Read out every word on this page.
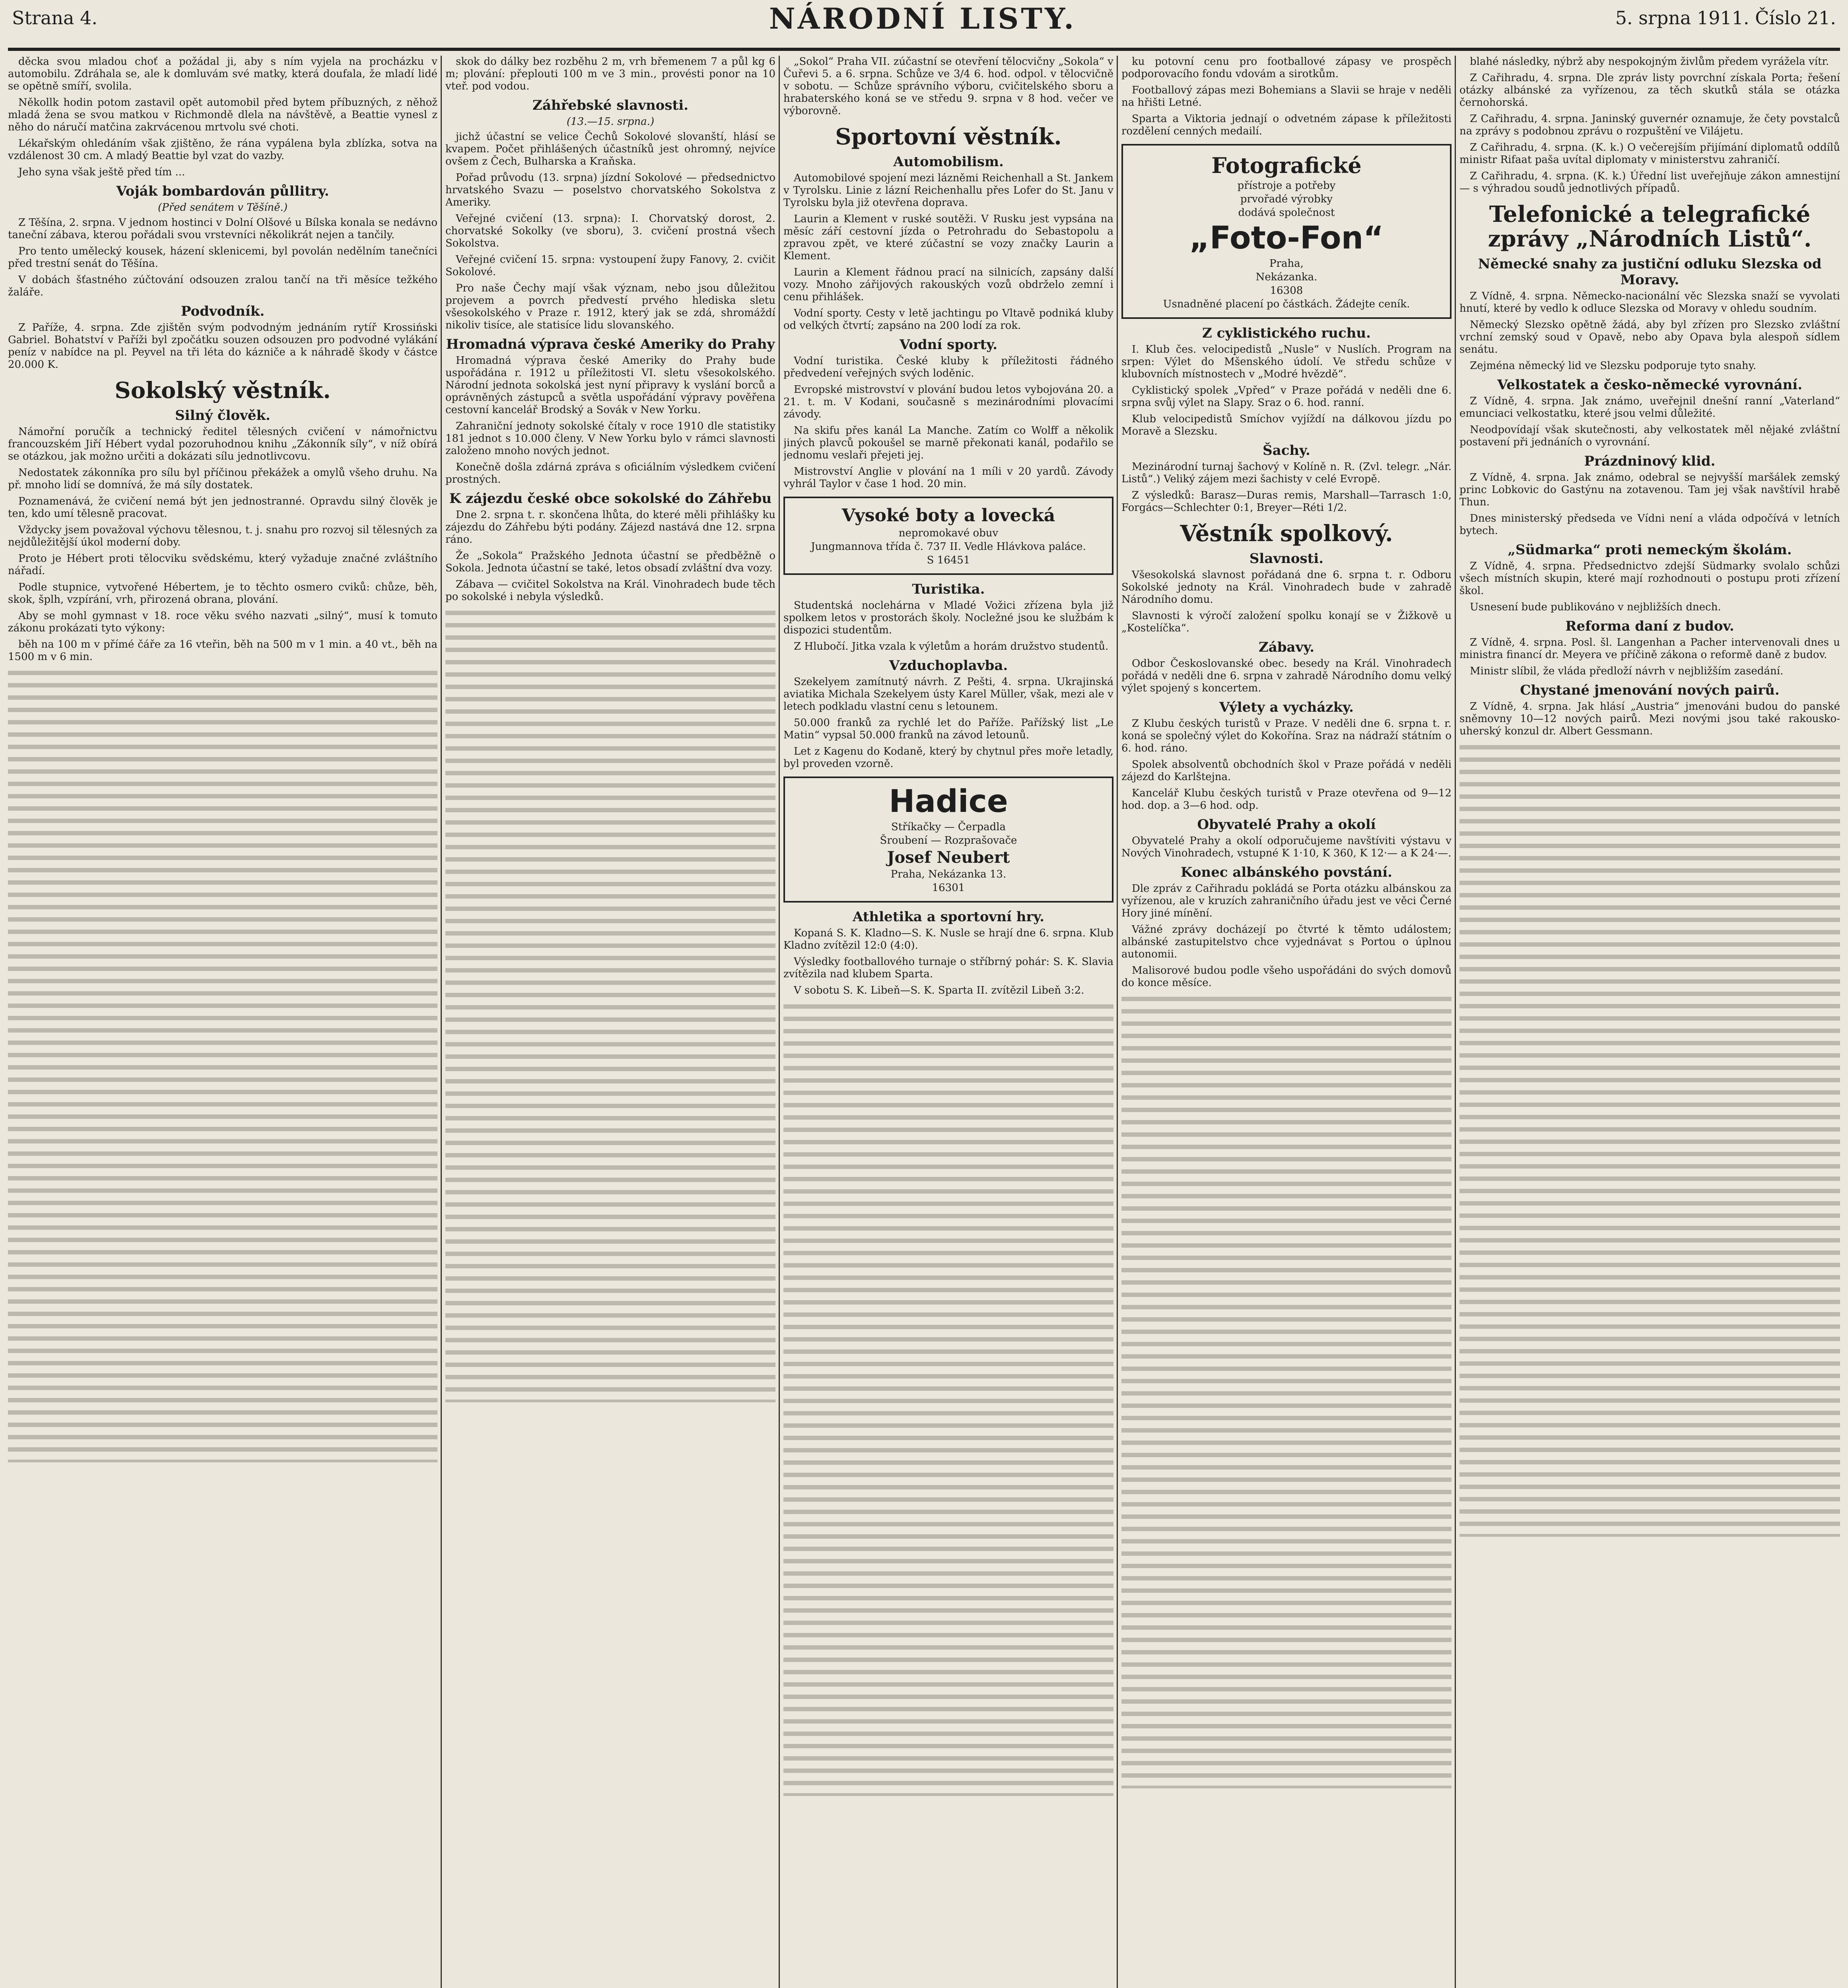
Strana 4.	NÁRODNÍ LISTY.	5. srpna 1911. Číslo 21.

děcka svou mladou choť a požádal ji, aby s ním vyjela na procházku v automobilu. Zdráhala se, ale k domluvám své matky, která doufala, že mladí lidé se opětně smíří, svolila.

Někollk hodin potom zastavil opět automobil před bytem příbuzných, z něhož mladá žena se svou matkou v Richmondě dlela na návštěvě, a Beattie vynesl z něho do náručí matčina zakrvácenou mrtvolu své choti.

Lékařským ohledáním však zjištěno, že rána vypálena byla zblízka, sotva na vzdálenost 30 cm. A mladý Beattie byl vzat do vazby.

Jeho syna však ještě před tím ...

Voják bombardován půllitry.
(Před senátem v Těšíně.)

Z Těšína, 2. srpna. V jednom hostinci v Dolní Olšové u Bílska konala se nedávno taneční zábava, kterou pořádali svou vrstevníci několikrát nejen a tančily.

Pro tento umělecký kousek, házení sklenicemi, byl povolán nedělním tanečníci před trestní senát do Těšína.

V dobách šťastného zúčtování odsouzen zralou tančí na tři měsíce težkého žaláře.

Podvodník.

Z Paříže, 4. srpna. Zde zjištěn svým podvodným jednáním rytíř Krossiński Gabriel. Bohatství v Paříži byl zpočátku souzen odsouzen pro podvodné vylákání peníz v nabídce na pl. Peyvel na tři léta do kázniče a k náhradě škody v částce 20.000 K.

Sokolský věstník.
Silný člověk.

Námořní poručík a technický ředitel tělesných cvičení v námořnictvu francouzském Jiří Hébert vydal pozoruhodnou knihu „Zákonník síly“, v níž obírá se otázkou, jak možno určiti a dokázati sílu jednotlivcovu.

Nedostatek zákonníka pro sílu byl příčinou překážek a omylů všeho druhu. Na př. mnoho lidí se domnívá, že má síly dostatek.

Poznamenává, že cvičení nemá být jen jednostranné. Opravdu silný člověk je ten, kdo umí tělesně pracovat.

Vždycky jsem považoval výchovu tělesnou, t. j. snahu pro rozvoj sil tělesných za nejdůležitější úkol moderní doby.

Proto je Hébert proti tělocviku svědskému, který vyžaduje značné zvláštního nářadí.

Podle stupnice, vytvořené Hébertem, je to těchto osmero cviků: chůze, běh, skok, šplh, vzpírání, vrh, přirozená obrana, plování.

Aby se mohl gymnast v 18. roce věku svého nazvati „silný“, musí k tomuto zákonu prokázati tyto výkony:

běh na 100 m v přímé čáře za 16 vteřin, běh na 500 m v 1 min. a 40 vt., běh na 1500 m v 6 min.

skok do dálky bez rozběhu 2 m, vrh břemenem 7 a půl kg 6 m; plování: přeplouti 100 m ve 3 min., provésti ponor na 10 vteř. pod vodou.

Záhřebské slavnosti.
(13.—15. srpna.)

jichž účastní se velice Čechů Sokolové slovanští, hlásí se kvapem. Počet přihlášených účastníků jest ohromný, nejvíce ovšem z Čech, Bulharska a Kraňska.

Pořad průvodu (13. srpna) jízdní Sokolové — předsednictvo hrvatského Svazu — poselstvo chorvatského Sokolstva z Ameriky.

Veřejné cvičení (13. srpna): I. Chorvatský dorost, 2. chorvatské Sokolky (ve sboru), 3. cvičení prostná všech Sokolstva.

Veřejné cvičení 15. srpna: vystoupení župy Fanovy, 2. cvičit Sokolové.

Pro naše Čechy mají však význam, nebo jsou důležitou projevem a povrch předvestí prvého hlediska sletu všesokolského v Praze r. 1912, který jak se zdá, shromáždí nikoliv tisíce, ale statisíce lidu slovanského.

Hromadná výprava české Ameriky do Prahy

Hromadná výprava české Ameriky do Prahy bude uspořádána r. 1912 u příležitosti VI. sletu všesokolského. Národní jednota sokolská jest nyní připravy k vyslání borců a oprávněných zástupců a světla uspořádání výpravy pověřena cestovní kancelář Brodský a Sovák v New Yorku.

Zahraniční jednoty sokolské čítaly v roce 1910 dle statistiky 181 jednot s 10.000 členy. V New Yorku bylo v rámci slavnosti založeno mnoho nových jednot.

Konečně došla zdárná zpráva s oficiálním výsledkem cvičení prostných.

K zájezdu české obce sokolské do Záhřebu

Dne 2. srpna t. r. skončena lhůta, do které měli přihlášky ku zájezdu do Záhřebu býti podány. Zájezd nastává dne 12. srpna ráno.

Že „Sokola“ Pražského Jednota účastní se předběžně o Sokola. Jednota účastní se také, letos obsadí zvláštní dva vozy.

Zábava — cvičitel Sokolstva na Král. Vinohradech bude těch po sokolské i nebyla výsledků.

„Sokol“ Praha VII. zúčastní se otevření tělocvičny „Sokola“ v Čuřevi 5. a 6. srpna. Schůze ve 3/4 6. hod. odpol. v tělocvičně v sobotu. — Schůze správního výboru, cvičitelského sboru a hrabaterského koná se ve středu 9. srpna v 8 hod. večer ve výborovně.

Sportovní věstník.
Automobilism.

Automobilové spojení mezi lázněmi Reichenhall a St. Jankem v Tyrolsku. Linie z lázní Reichenhallu přes Lofer do St. Janu v Tyrolsku byla již otevřena doprava.

Laurin a Klement v ruské soutěži. V Rusku jest vypsána na měsíc září cestovní jízda o Petrohradu do Sebastopolu a zpravou zpět, ve které zúčastní se vozy značky Laurin a Klement.

Laurin a Klement řádnou prací na silnicích, zapsány další vozy. Mnoho zářijových rakouských vozů obdrželo zemní i cenu přihlášek.

Vodní sporty. Cesty v letě jachtingu po Vltavě podniká kluby od velkých čtvrtí; zapsáno na 200 lodí za rok.

Vodní sporty.

Vodní turistika. České kluby k příležitosti řádného předvedení veřejných svých loděnic.

Evropské mistrovství v plování budou letos vybojována 20. a 21. t. m. V Kodani, současně s mezinárodními plovacími závody.

Na skifu přes kanál La Manche. Zatím co Wolff a několik jiných plavců pokoušel se marně překonati kanál, podařilo se jednomu veslaři přejeti jej.

Mistrovství Anglie v plování na 1 míli v 20 yardů. Závody vyhrál Taylor v čase 1 hod. 20 min.

Vysoké boty a lovecká
nepromokavé obuv
Jungmannova třída č. 737 II. Vedle Hlávkova paláce.
S 16451
Turistika.

Studentská noclehárna v Mladé Vožici zřízena byla již spolkem letos v prostorách školy. Nocležné jsou ke službám k dispozici studentům.

Z Hlubočí. Jitka vzala k výletům a horám družstvo studentů.

Vzduchoplavba.

Szekelyem zamítnutý návrh. Z Pešti, 4. srpna. Ukrajinská aviatika Michala Szekelyem ústy Karel Müller, však, mezi ale v letech podkladu vlastní cenu s letounem.

50.000 franků za rychlé let do Paříže. Pařížský list „Le Matin“ vypsal 50.000 franků na závod letounů.

Let z Kagenu do Kodaně, který by chytnul přes moře letadly, byl proveden vzorně.

Hadice
Stříkačky — Čerpadla
Šroubení — Rozprašovače
Josef Neubert
Praha, Nekázanka 13.
16301
Athletika a sportovní hry.

Kopaná S. K. Kladno—S. K. Nusle se hrají dne 6. srpna. Klub Kladno zvítězil 12:0 (4:0).

Výsledky footballového turnaje o stříbrný pohár: S. K. Slavia zvítězila nad klubem Sparta.

V sobotu S. K. Libeň—S. K. Sparta II. zvítězil Libeň 3:2.

ku potovní cenu pro footballové zápasy ve prospěch podporovacího fondu vdovám a sirotkům.

Footballový zápas mezi Bohemians a Slavii se hraje v neděli na hřišti Letné.

Sparta a Viktoria jednají o odvetném zápase k příležitosti rozdělení cenných medailí.

Fotografické
přístroje a potřeby
prvořadé výrobky
dodává společnost
„Foto-Fon“
Praha,
Nekázanka.
16308
Usnadněné placení po částkách. Žádejte ceník.
Z cyklistického ruchu.

I. Klub čes. velocipedistů „Nusle“ v Nuslích. Program na srpen: Výlet do Mšenského údolí. Ve středu schůze v klubovních místnostech v „Modré hvězdě“.

Cyklistický spolek „Vpřed“ v Praze pořádá v neděli dne 6. srpna svůj výlet na Slapy. Sraz o 6. hod. ranní.

Klub velocipedistů Smíchov vyjíždí na dálkovou jízdu po Moravě a Slezsku.

Šachy.

Mezinárodní turnaj šachový v Kolíně n. R. (Zvl. telegr. „Nár. Listů“.) Veliký zájem mezi šachisty v celé Evropě.

Z výsledků: Barasz—Duras remis, Marshall—Tarrasch 1:0, Forgács—Schlechter 0:1, Breyer—Réti 1/2.

Věstník spolkový.
Slavnosti.

Všesokolská slavnost pořádaná dne 6. srpna t. r. Odboru Sokolské jednoty na Král. Vinohradech bude v zahradě Národního domu.

Slavnosti k výročí založení spolku konají se v Žižkově u „Kostelíčka“.

Zábavy.

Odbor Českoslovanské obec. besedy na Král. Vinohradech pořádá v neděli dne 6. srpna v zahradě Národního domu velký výlet spojený s koncertem.

Výlety a vycházky.

Z Klubu českých turistů v Praze. V neděli dne 6. srpna t. r. koná se společný výlet do Kokořína. Sraz na nádraží státním o 6. hod. ráno.

Spolek absolventů obchodních škol v Praze pořádá v neděli zájezd do Karlštejna.

Kancelář Klubu českých turistů v Praze otevřena od 9—12 hod. dop. a 3—6 hod. odp.

Obyvatelé Prahy a okolí

Obyvatelé Prahy a okolí odporučujeme navštíviti výstavu v Nových Vinohradech, vstupné K 1·10, K 360, K 12·— a K 24·—.

Konec albánského povstání.

Dle zpráv z Cařihradu pokládá se Porta otázku albánskou za vyřízenou, ale v kruzích zahraničního úřadu jest ve věci Černé Hory jiné mínění.

Vážné zprávy docházejí po čtvrté k těmto událostem; albánské zastupitelstvo chce vyjednávat s Portou o úplnou autonomii.

Malisorové budou podle všeho uspořádáni do svých domovů do konce měsíce.

blahé následky, nýbrž aby nespokojným živlům předem vyrážela vítr.

Z Cařihradu, 4. srpna. Dle zpráv listy povrchní získala Porta; řešení otázky albánské za vyřízenou, za těch skutků stála se otázka černohorská.

Z Cařihradu, 4. srpna. Janinský guvernér oznamuje, že čety povstalců na zprávy s podobnou zprávu o rozpuštění ve Vilájetu.

Z Cařihradu, 4. srpna. (K. k.) O večerejším přijímání diplomatů oddílů ministr Rifaat paša uvítal diplomaty v ministerstvu zahraničí.

Z Cařihradu, 4. srpna. (K. k.) Úřední list uveřejňuje zákon amnestijní — s výhradou soudů jednotlivých případů.

Telefonické a telegrafické zprávy „Národních Listů“.
Německé snahy za justiční odluku Slezska od Moravy.

Z Vídně, 4. srpna. Německo-nacionální věc Slezska snaží se vyvolati hnutí, které by vedlo k odluce Slezska od Moravy v ohledu soudním.

Německý Slezsko opětně žádá, aby byl zřízen pro Slezsko zvláštní vrchní zemský soud v Opavě, nebo aby Opava byla alespoň sídlem senátu.

Zejména německý lid ve Slezsku podporuje tyto snahy.

Velkostatek a česko-německé vyrovnání.

Z Vídně, 4. srpna. Jak známo, uveřejnil dnešní ranní „Vaterland“ emunciaci velkostatku, které jsou velmi důležité.

Neodpovídají však skutečnosti, aby velkostatek měl nějaké zvláštní postavení při jednáních o vyrovnání.

Prázdninový klid.

Z Vídně, 4. srpna. Jak známo, odebral se nejvyšší maršálek zemský princ Lobkovic do Gastýnu na zotavenou. Tam jej však navštívil hrabě Thun.

Dnes ministerský předseda ve Vídni není a vláda odpočívá v letních bytech.

„Südmarka“ proti nemeckým školám.

Z Vídně, 4. srpna. Předsednictvo zdejší Südmarky svolalo schůzi všech místních skupin, které mají rozhodnouti o postupu proti zřízení škol.

Usnesení bude publikováno v nejbližších dnech.

Reforma daní z budov.

Z Vídně, 4. srpna. Posl. šl. Langenhan a Pacher intervenovali dnes u ministra financí dr. Meyera ve příčině zákona o reformě daně z budov.

Ministr slíbil, že vláda předloží návrh v nejbližším zasedání.

Chystané jmenování nových pairů.

Z Vídně, 4. srpna. Jak hlásí „Austria“ jmenováni budou do panské sněmovny 10—12 nových pairů. Mezi novými jsou také rakousko-uherský konzul dr. Albert Gessmann.
